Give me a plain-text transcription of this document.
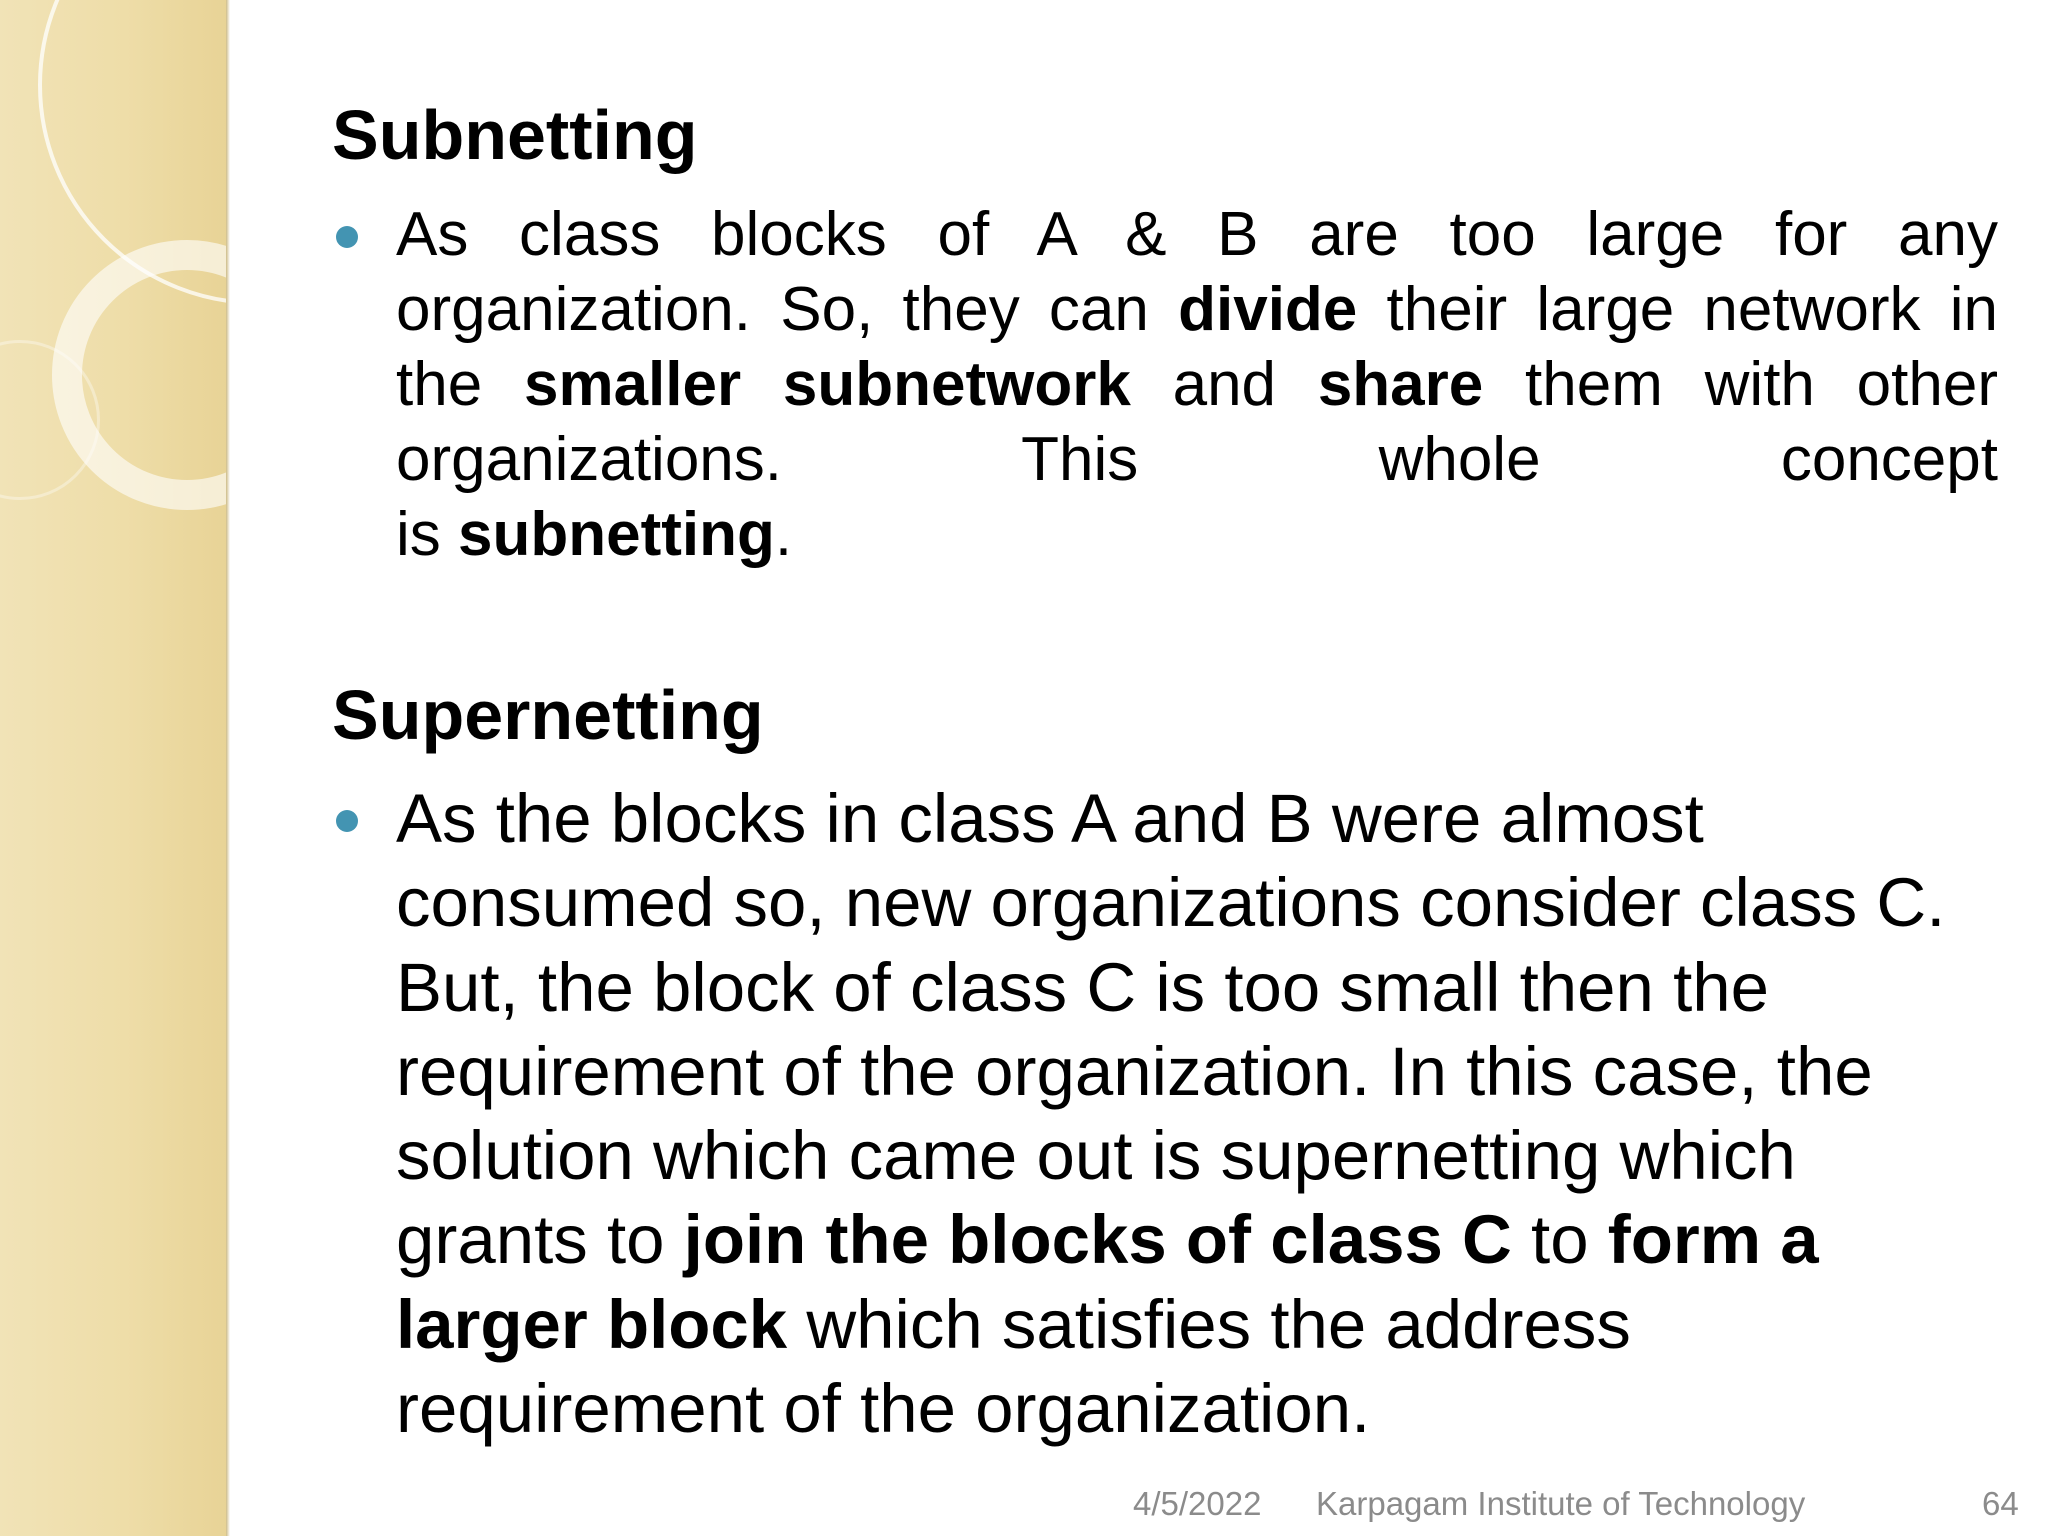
Subnetting

As class blocks of A & B are too large for any organization. So, they can divide their large network in the smaller subnetwork and share them with other organizations. This whole concept
is subnetting.

Supernetting

As the blocks in class A and B were almost consumed so, new organizations consider class C. But, the block of class C is too small then the requirement of the organization. In this case, the solution which came out is supernetting which grants to join the blocks of class C to form a larger block which satisfies the address requirement of the organization.

4/5/2022 Karpagam Institute of Technology	64
